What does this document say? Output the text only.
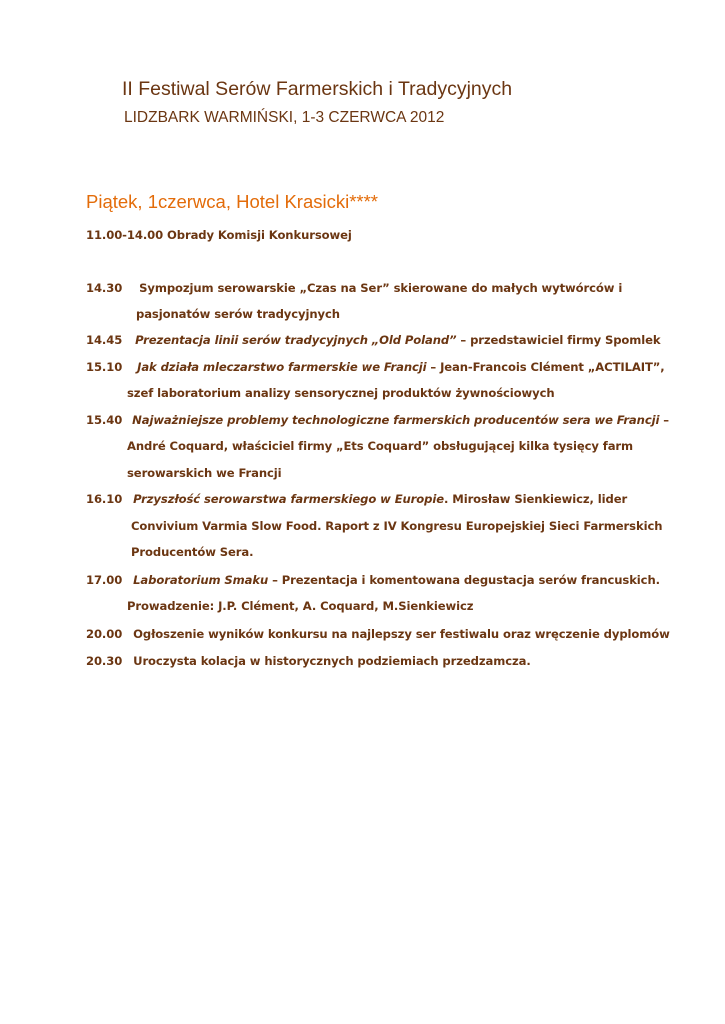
II Festiwal Serów Farmerskich i Tradycyjnych
LIDZBARK WARMIŃSKI, 1-3 CZERWCA 2012
Piątek, 1czerwca, Hotel Krasicki****
11.00-14.00 Obrady Komisji Konkursowej
14.30 Sympozjum serowarskie „Czas na Ser” skierowane do małych wytwórców i
pasjonatów serów tradycyjnych
14.45 Prezentacja linii serów tradycyjnych „Old Poland” – przedstawiciel firmy Spomlek
15.10 Jak działa mleczarstwo farmerskie we Francji – Jean-Francois Clément „ACTILAIT”,
szef laboratorium analizy sensorycznej produktów żywnościowych
15.40 Najważniejsze problemy technologiczne farmerskich producentów sera we Francji –
André Coquard, właściciel firmy „Ets Coquard” obsługującej kilka tysięcy farm
serowarskich we Francji
16.10 Przyszłość serowarstwa farmerskiego w Europie. Mirosław Sienkiewicz, lider
Convivium Varmia Slow Food. Raport z IV Kongresu Europejskiej Sieci Farmerskich
Producentów Sera.
17.00 Laboratorium Smaku – Prezentacja i komentowana degustacja serów francuskich.
Prowadzenie: J.P. Clément, A. Coquard, M.Sienkiewicz
20.00 Ogłoszenie wyników konkursu na najlepszy ser festiwalu oraz wręczenie dyplomów
20.30 Uroczysta kolacja w historycznych podziemiach przedzamcza.
